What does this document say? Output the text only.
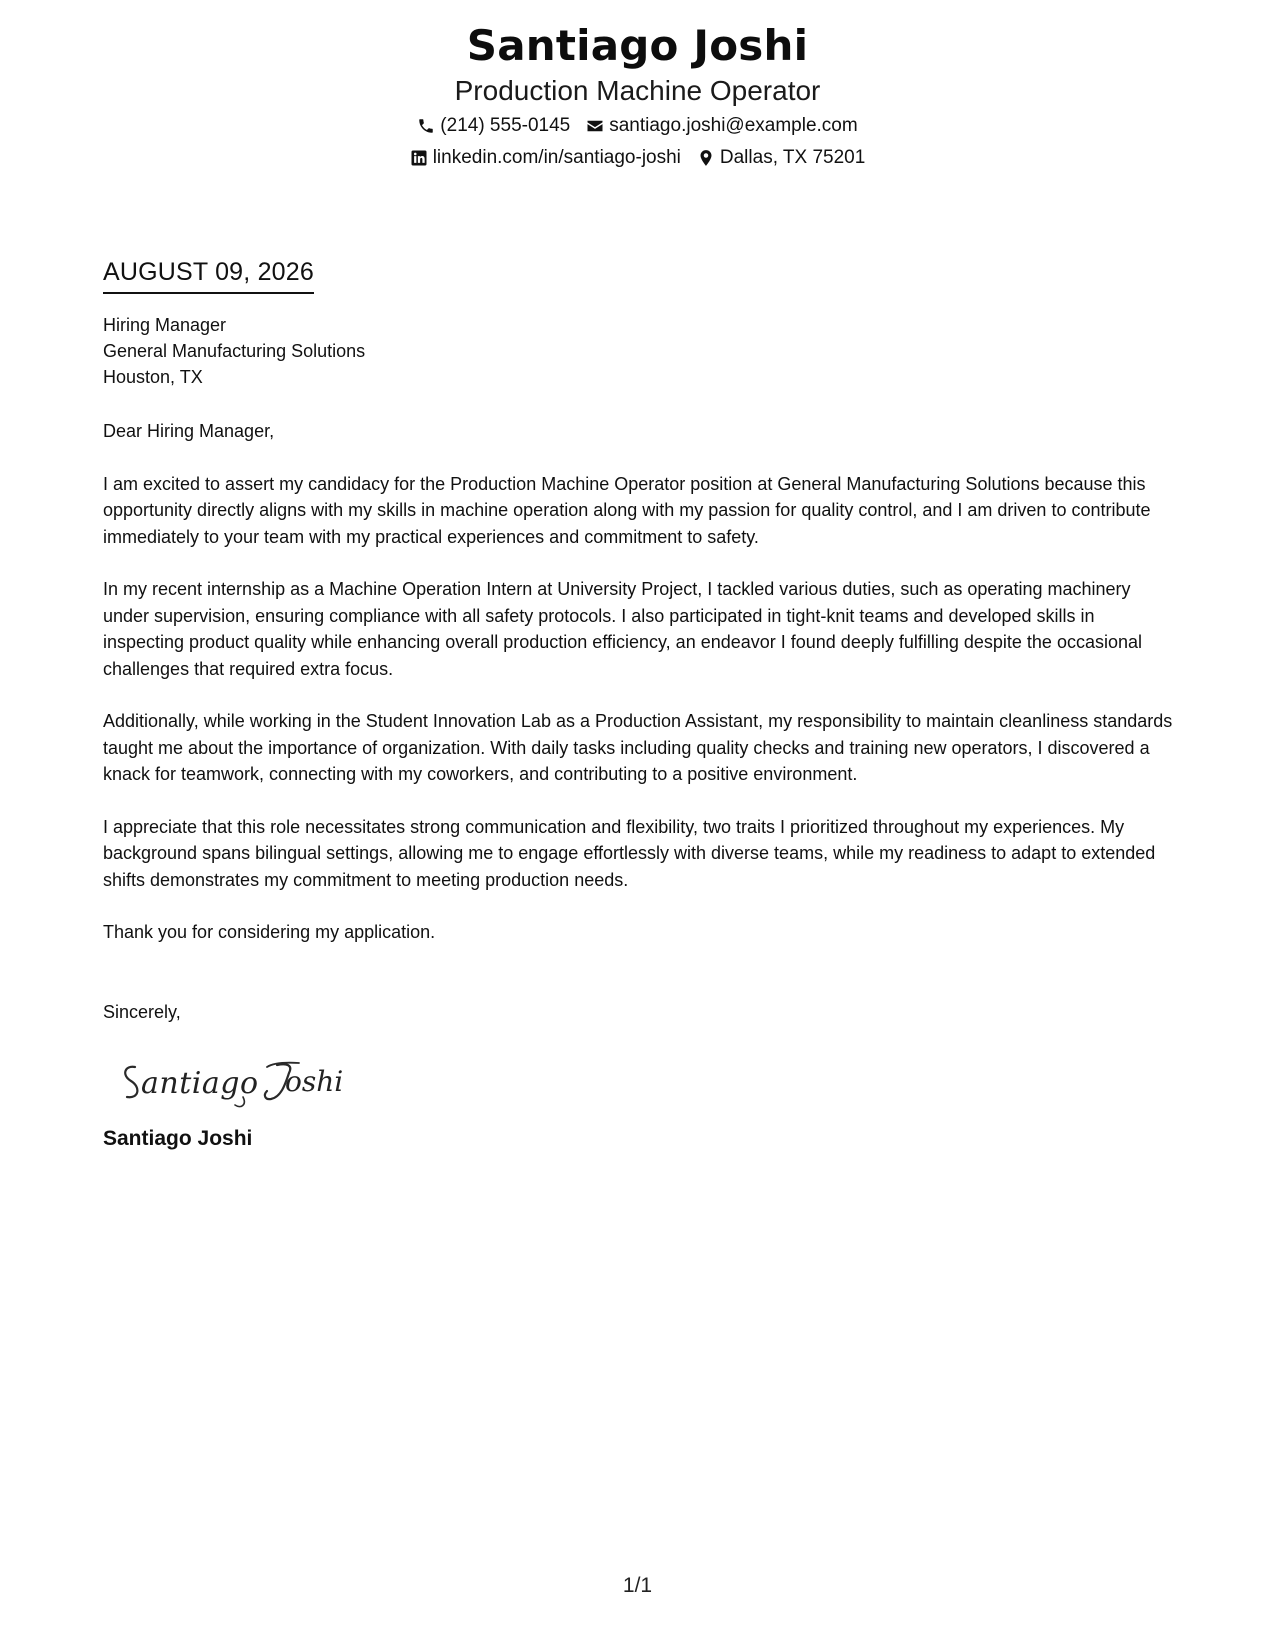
Santiago Joshi

Production Machine Operator

(214) 555-0145 santiago.joshi@example.com
linkedin.com/in/santiago-joshi Dallas, TX 75201
AUGUST 09, 2026
Hiring Manager
General Manufacturing Solutions
Houston, TX
Dear Hiring Manager,

I am excited to assert my candidacy for the Production Machine Operator position at General Manufacturing Solutions because this opportunity directly aligns with my skills in machine operation along with my passion for quality control, and I am driven to contribute immediately to your team with my practical experiences and commitment to safety.

In my recent internship as a Machine Operation Intern at University Project, I tackled various duties, such as operating machinery under supervision, ensuring compliance with all safety protocols. I also participated in tight-knit teams and developed skills in inspecting product quality while enhancing overall production efficiency, an endeavor I found deeply fulfilling despite the occasional challenges that required extra focus.

Additionally, while working in the Student Innovation Lab as a Production Assistant, my responsibility to maintain cleanliness standards taught me about the importance of organization. With daily tasks including quality checks and training new operators, I discovered a knack for teamwork, connecting with my coworkers, and contributing to a positive environment.

I appreciate that this role necessitates strong communication and flexibility, two traits I prioritized throughout my experiences. My background spans bilingual settings, allowing me to engage effortlessly with diverse teams, while my readiness to adapt to extended shifts demonstrates my commitment to meeting production needs.

Thank you for considering my application.
Sincerely,
antiago oshi
Santiago Joshi
1/1
